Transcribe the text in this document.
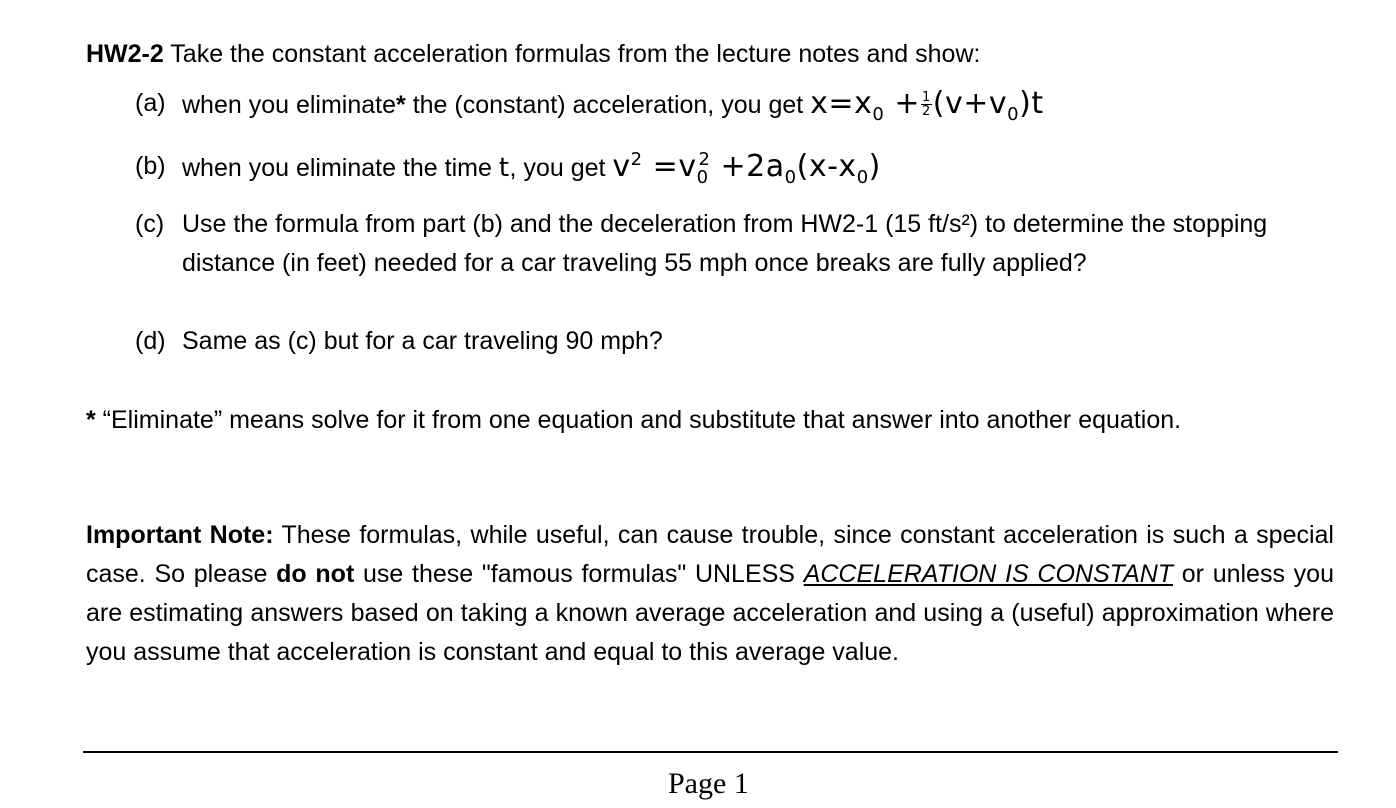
HW2-2 Take the constant acceleration formulas from the lecture notes and show:
(a) when you eliminate* the (constant) acceleration, you get $x=x_0 + \frac{1}{2} (v+v_0)t$
(b) when you eliminate the time t, you get $v^2 =v_0^2 +2a_0(x-x_0)$
(c) Use the formula from part (b) and the deceleration from HW2-1 (15 ft/s²) to determine the stopping distance (in feet) needed for a car traveling 55 mph once breaks are fully applied?
(d) Same as (c) but for a car traveling 90 mph?
* “Eliminate” means solve for it from one equation and substitute that answer into another equation.
Important Note: These formulas, while useful, can cause trouble, since constant acceleration is such a special case. So please do not use these "famous formulas" UNLESS ACCELERATION IS CONSTANT or unless you are estimating answers based on taking a known average acceleration and using a (useful) approximation where you assume that acceleration is constant and equal to this average value.
Page 1
